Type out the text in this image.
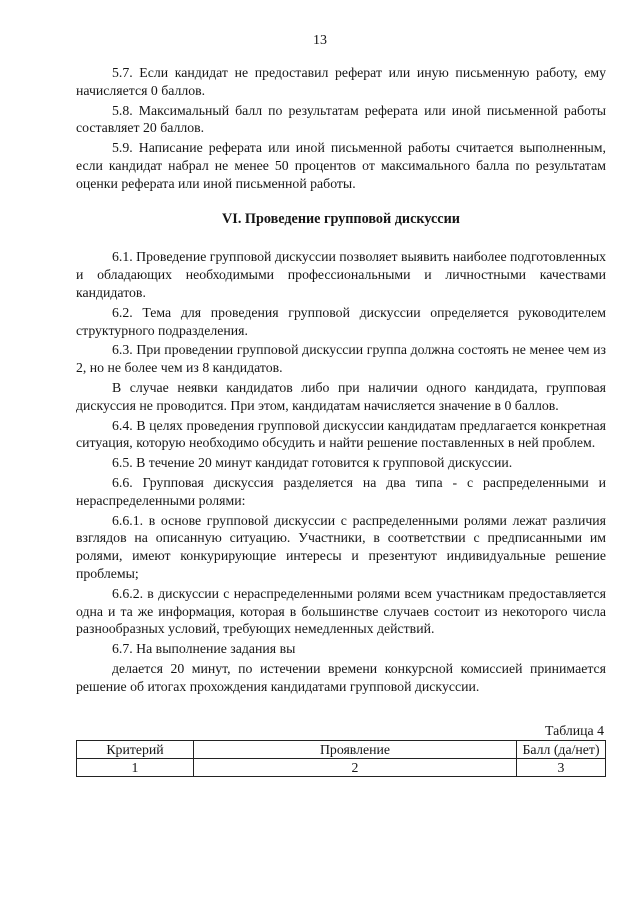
13

5.7. Если кандидат не предоставил реферат или иную письменную работу, ему начисляется 0 баллов.

5.8. Максимальный балл по результатам реферата или иной письменной работы составляет 20 баллов.

5.9. Написание реферата или иной письменной работы считается выполненным, если кандидат набрал не менее 50 процентов от максимального балла по результатам оценки реферата или иной письменной работы.

VI. Проведение групповой дискуссии

6.1. Проведение групповой дискуссии позволяет выявить наиболее подготовленных и обладающих необходимыми профессиональными и личностными качествами кандидатов.

6.2. Тема для проведения групповой дискуссии определяется руководителем структурного подразделения.

6.3. При проведении групповой дискуссии группа должна состоять не менее чем из 2, но не более чем из 8 кандидатов.

В случае неявки кандидатов либо при наличии одного кандидата, групповая дискуссия не проводится. При этом, кандидатам начисляется значение в 0 баллов.

6.4. В целях проведения групповой дискуссии кандидатам предлагается конкретная ситуация, которую необходимо обсудить и найти решение поставленных в ней проблем.

6.5. В течение 20 минут кандидат готовится к групповой дискуссии.

6.6. Групповая дискуссия разделяется на два типа - с распределенными и нераспределенными ролями:

6.6.1. в основе групповой дискуссии с распределенными ролями лежат различия взглядов на описанную ситуацию. Участники, в соответствии с предписанными им ролями, имеют конкурирующие интересы и презентуют индивидуальные решение проблемы;

6.6.2. в дискуссии с нераспределенными ролями всем участникам предоставляется одна и та же информация, которая в большинстве случаев состоит из некоторого числа разнообразных условий, требующих немедленных действий.

6.7. На выполнение задания вы

делается 20 минут, по истечении времени конкурсной комиссией принимается решение об итогах прохождения кандидатами групповой дискуссии.

Таблица 4
Критерий	Проявление	Балл (да/нет)
1	2	3
